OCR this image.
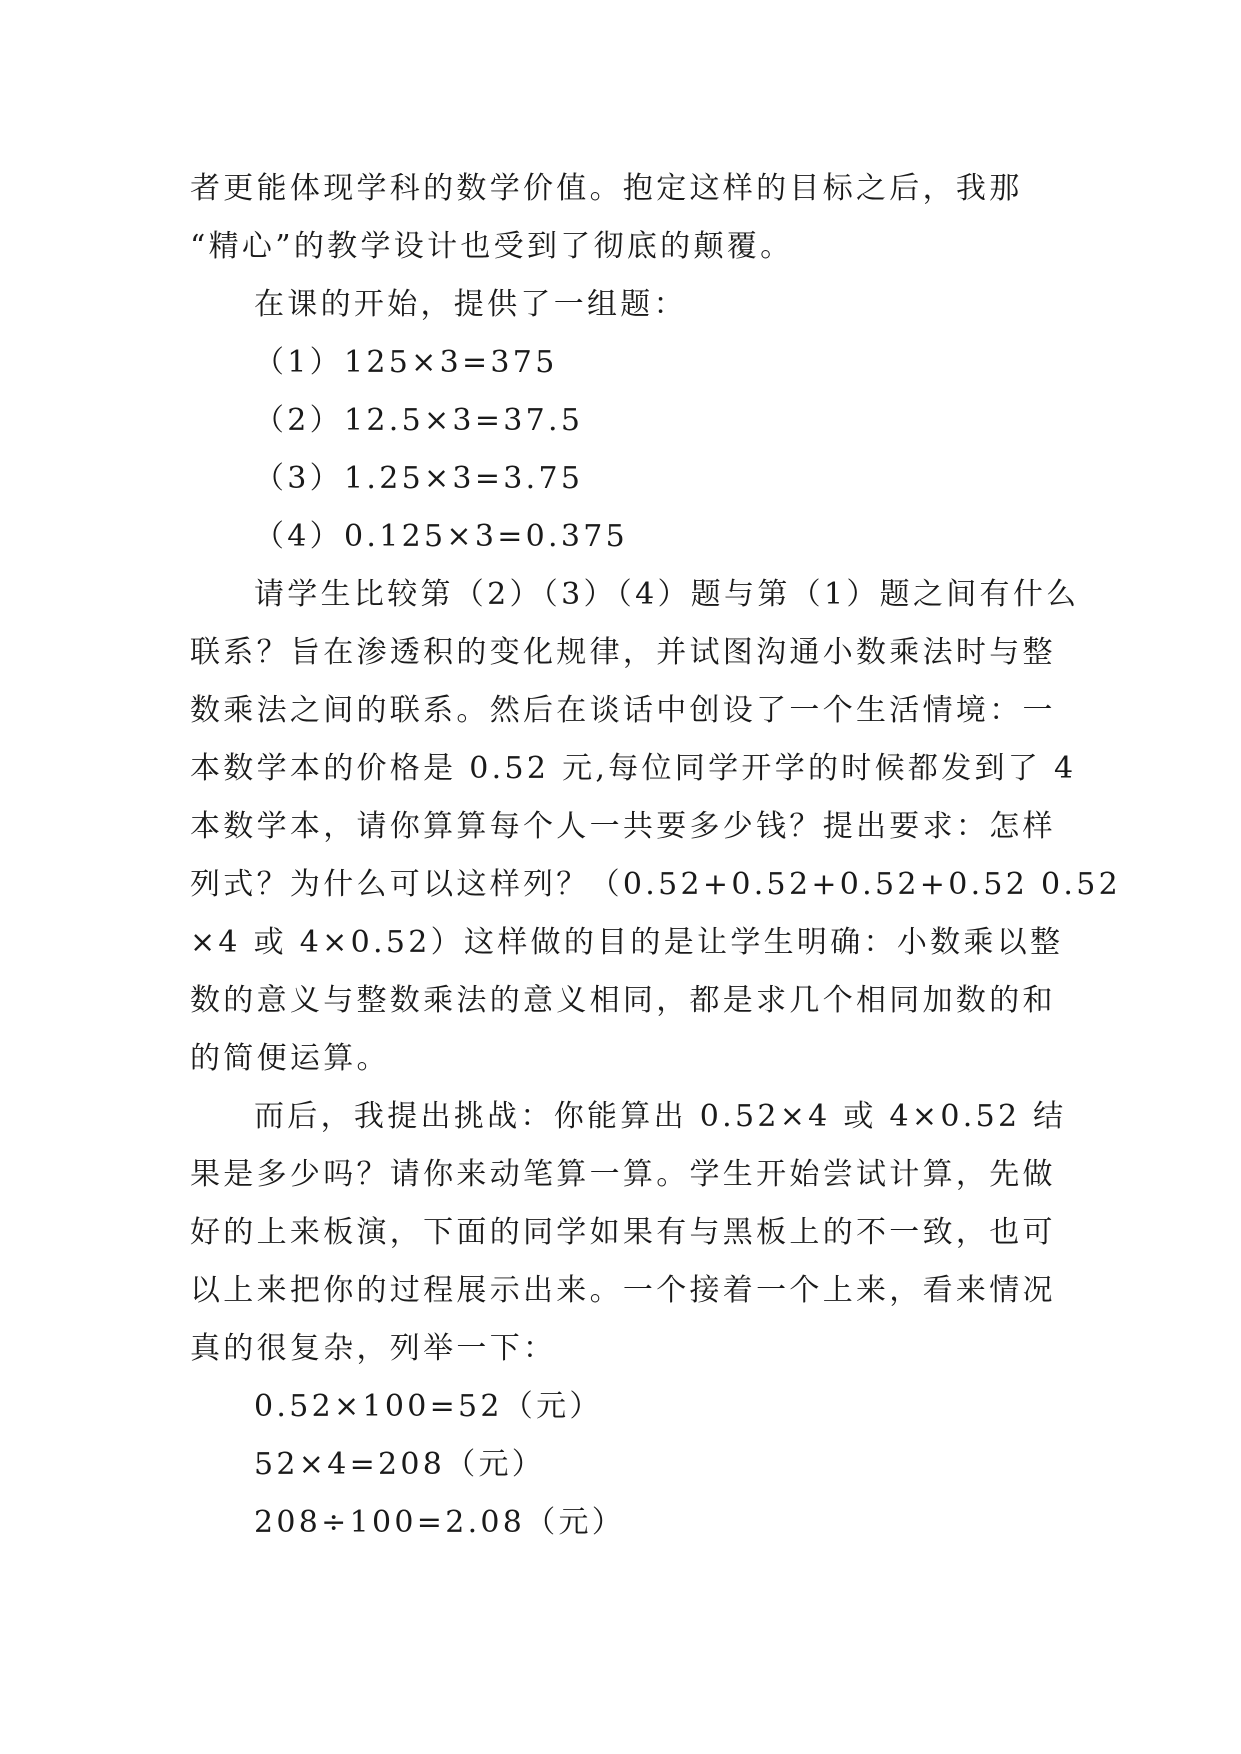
者更能体现学科的数学价值。抱定这样的目标之后，我那
“精心”的教学设计也受到了彻底的颠覆。
在课的开始，提供了一组题：
（1）125×3=375
（2）12.5×3=37.5
（3）1.25×3=3.75
（4）0.125×3=0.375
请学生比较第（2）（3）（4）题与第（1）题之间有什么
联系？旨在渗透积的变化规律，并试图沟通小数乘法时与整
数乘法之间的联系。然后在谈话中创设了一个生活情境：一
本数学本的价格是 0.52 元,每位同学开学的时候都发到了 4
本数学本，请你算算每个人一共要多少钱？提出要求：怎样
列式？为什么可以这样列？（0.52+0.52+0.52+0.52 0.52
×4 或 4×0.52）这样做的目的是让学生明确：小数乘以整
数的意义与整数乘法的意义相同，都是求几个相同加数的和
的简便运算。
而后，我提出挑战：你能算出 0.52×4 或 4×0.52 结
果是多少吗？请你来动笔算一算。学生开始尝试计算，先做
好的上来板演，下面的同学如果有与黑板上的不一致，也可
以上来把你的过程展示出来。一个接着一个上来，看来情况
真的很复杂，列举一下：
0.52×100=52（元）
52×4=208（元）
208÷100=2.08（元）
